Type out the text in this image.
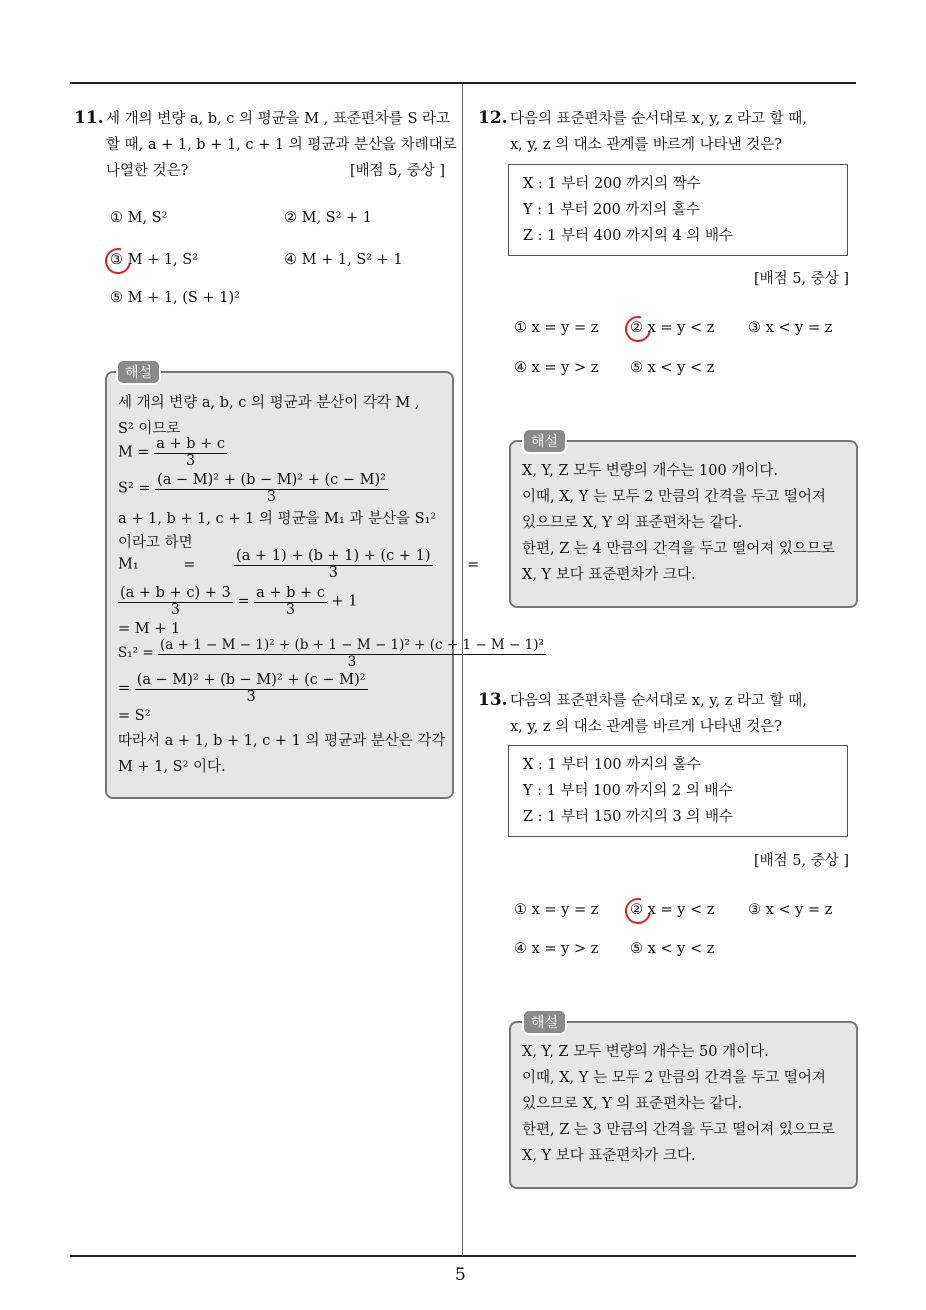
5
11. 세 개의 변량 a, b, c 의 평균을 M , 표준편차를 S 라고
할 때, a + 1, b + 1, c + 1 의 평균과 분산을 차례대로
나열한 것은?	[배점 5, 중상 ]
① M, S²	② M, S² + 1
③ M + 1, S²	④ M + 1, S² + 1
⑤ M + 1, (S + 1)²
해설
세 개의 변량 a, b, c 의 평균과 분산이 각각 M ,
S² 이므로
$M = \frac{a + b + c}{3}$
$S^2 = \frac{\text{(a − M)² + (b − M)² + (c − M)²}}{3}$
a + 1, b + 1, c + 1 의 평균을 M₁ 과 분산을 S₁²
이라고 하면
M₁	=	$\frac{(a + 1) + (b + 1) + (c + 1)}{3}$ =
$\frac{(a + b + c) + 3}{3} = \frac{a + b + c}{3} + 1$
= M + 1
$S_1^2 = \frac{\text{(a + 1 − M − 1)² + (b + 1 − M − 1)² + (c + 1 − M − 1)²}}{3}$
= $\frac{\text{(a − M)² + (b − M)² + (c − M)²}}{3}$
= S²
따라서 a + 1, b + 1, c + 1 의 평균과 분산은 각각
M + 1, S² 이다.
12. 다음의 표준편차를 순서대로 x, y, z 라고 할 때,
x, y, z 의 대소 관계를 바르게 나타낸 것은?
X : 1 부터 200 까지의 짝수
Y : 1 부터 200 까지의 홀수
Z : 1 부터 400 까지의 4 의 배수
[배점 5, 중상 ]
① x = y = z ② x = y < z ③ x < y = z
④ x = y > z ⑤ x < y < z
해설
X, Y, Z 모두 변량의 개수는 100 개이다.
이때, X, Y 는 모두 2 만큼의 간격을 두고 떨어져
있으므로 X, Y 의 표준편차는 같다.
한편, Z 는 4 만큼의 간격을 두고 떨어져 있으므로
X, Y 보다 표준편차가 크다.
13. 다음의 표준편차를 순서대로 x, y, z 라고 할 때,
x, y, z 의 대소 관계를 바르게 나타낸 것은?
X : 1 부터 100 까지의 홀수
Y : 1 부터 100 까지의 2 의 배수
Z : 1 부터 150 까지의 3 의 배수
[배점 5, 중상 ]
① x = y = z ② x = y < z ③ x < y = z
④ x = y > z ⑤ x < y < z
해설
X, Y, Z 모두 변량의 개수는 50 개이다.
이때, X, Y 는 모두 2 만큼의 간격을 두고 떨어져
있으므로 X, Y 의 표준편차는 같다.
한편, Z 는 3 만큼의 간격을 두고 떨어져 있으므로
X, Y 보다 표준편차가 크다.
